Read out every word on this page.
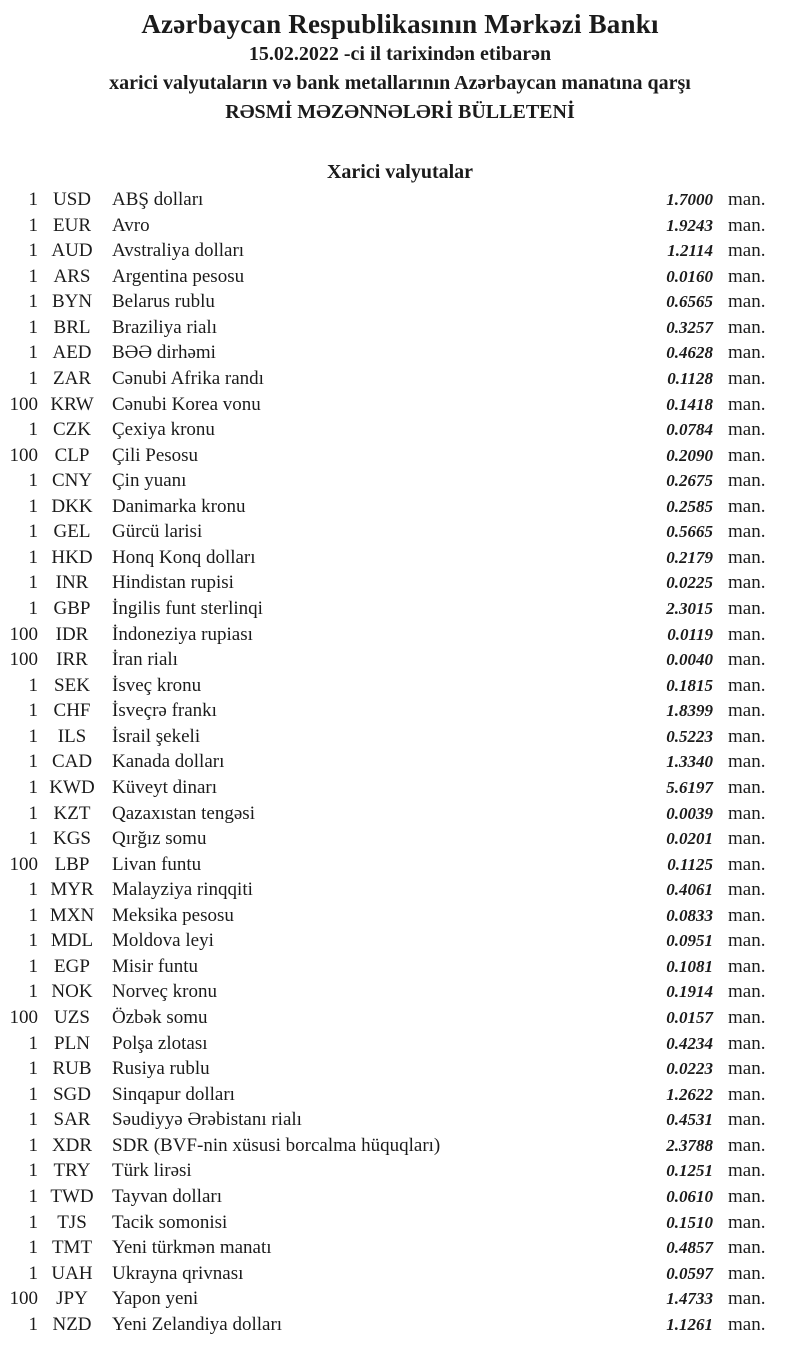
Azərbaycan Respublikasının Mərkəzi Bankı
15.02.2022 -ci il tarixindən etibarən
xarici valyutaların və bank metallarının Azərbaycan manatına qarşı
RƏSMİ MƏZƏNNƏLƏRİ BÜLLETENİ
Xarici valyutalar
1 USD	ABŞ dolları	1.7000 man.
1 EUR	Avro	1.9243 man.
1 AUD	Avstraliya dolları	1.2114 man.
1 ARS	Argentina pesosu	0.0160 man.
1 BYN	Belarus rublu	0.6565 man.
1 BRL	Braziliya rialı	0.3257 man.
1 AED	BƏƏ dirhəmi	0.4628 man.
1 ZAR	Cənubi Afrika randı	0.1128 man.
100 KRW Cənubi Korea vonu	0.1418 man.
1 CZK	Çexiya kronu	0.0784 man.
100 CLP	Çili Pesosu	0.2090 man.
1 CNY	Çin yuanı	0.2675 man.
1 DKK	Danimarka kronu	0.2585 man.
1 GEL	Gürcü larisi	0.5665 man.
1 HKD	Honq Konq dolları	0.2179 man.
1 INR	Hindistan rupisi	0.0225 man.
1 GBP	İngilis funt sterlinqi	2.3015 man.
100 IDR	İndoneziya rupiası	0.0119 man.
100 IRR	İran rialı	0.0040 man.
1 SEK	İsveç kronu	0.1815 man.
1 CHF	İsveçrə frankı	1.8399 man.
1	ILS	İsrail şekeli	0.5223 man.
1 CAD	Kanada dolları	1.3340 man.
1 KWD Küveyt dinarı	5.6197 man.
1 KZT	Qazaxıstan tengəsi	0.0039 man.
1 KGS	Qırğız somu	0.0201 man.
100 LBP	Livan funtu	0.1125 man.
1 MYR Malayziya rinqqiti	0.4061 man.
1 MXN Meksika pesosu	0.0833 man.
1 MDL Moldova leyi	0.0951 man.
1 EGP	Misir funtu	0.1081 man.
1 NOK	Norveç kronu	0.1914 man.
100 UZS	Özbək somu	0.0157 man.
1 PLN	Polşa zlotası	0.4234 man.
1 RUB	Rusiya rublu	0.0223 man.
1 SGD	Sinqapur dolları	1.2622 man.
1 SAR	Səudiyyə Ərəbistanı rialı	0.4531 man.
1 XDR	SDR (BVF-nin xüsusi borcalma hüquqları)	2.3788 man.
1 TRY	Türk lirəsi	0.1251 man.
1 TWD Tayvan dolları	0.0610 man.
1	TJS	Tacik somonisi	0.1510 man.
1 TMT	Yeni türkmən manatı	0.4857 man.
1 UAH	Ukrayna qrivnası	0.0597 man.
100 JPY	Yapon yeni	1.4733 man.
1 NZD	Yeni Zelandiya dolları	1.1261 man.
